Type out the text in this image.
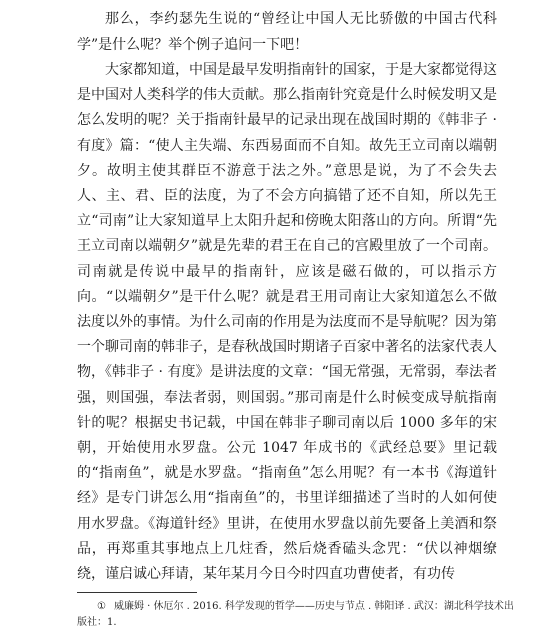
那么，李约瑟先生说的“曾经让中国人无比骄傲的中国古代科学”是什么呢？举个例子追问一下吧！

大家都知道，中国是最早发明指南针的国家，于是大家都觉得这是中国对人类科学的伟大贡献。那么指南针究竟是什么时候发明又是怎么发明的呢？关于指南针最早的记录出现在战国时期的《韩非子 · 有度》篇：“使人主失端、东西易面而不自知。故先王立司南以端朝夕。故明主使其群臣不游意于法之外。”意思是说，为了不会失去人、主、君、臣的法度，为了不会方向搞错了还不自知，所以先王立“司南”让大家知道早上太阳升起和傍晚太阳落山的方向。所谓“先王立司南以端朝夕”就是先辈的君王在自己的宫殿里放了一个司南。司南就是传说中最早的指南针，应该是磁石做的，可以指示方向。“以端朝夕”是干什么呢？就是君王用司南让大家知道怎么不做法度以外的事情。为什么司南的作用是为法度而不是导航呢？因为第一个聊司南的韩非子，是春秋战国时期诸子百家中著名的法家代表人物，《韩非子 · 有度》是讲法度的文章：“国无常强，无常弱，奉法者强，则国强，奉法者弱，则国弱。”那司南是什么时候变成导航指南针的呢？根据史书记载，中国在韩非子聊司南以后 1000 多年的宋朝，开始使用水罗盘。公元 1047 年成书的《武经总要》里记载的“指南鱼”，就是水罗盘。“指南鱼”怎么用呢？有一本书《海道针经》是专门讲怎么用“指南鱼”的，书里详细描述了当时的人如何使用水罗盘。《海道针经》里讲，在使用水罗盘以前先要备上美酒和祭品，再郑重其事地点上几炷香，然后烧香磕头念咒：“伏以神烟缭绕，谨启诚心拜请，某年某月今日今时四直功曹使者，有功传

① 威廉姆 · 休厄尔 . 2016. 科学发现的哲学——历史与节点 . 韩阳译 . 武汉：湖北科学技术出版社：1.
